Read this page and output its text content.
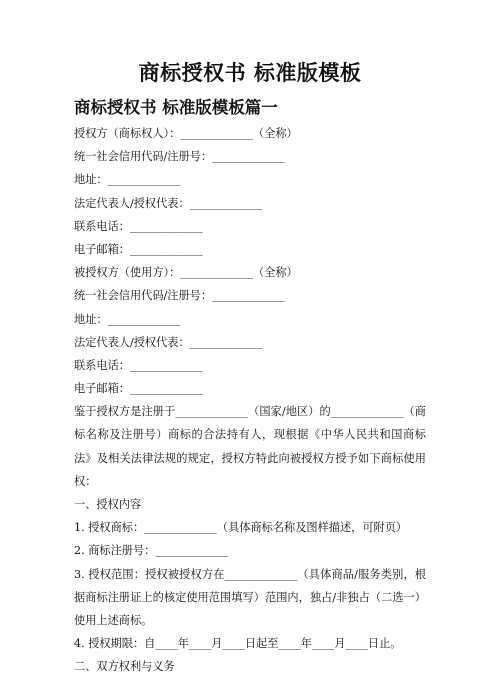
商标授权书 标准版模板
商标授权书 标准版模板篇一
授权方（商标权人）：_____________（全称）
统一社会信用代码/注册号：_____________
地址：_____________
法定代表人/授权代表：_____________
联系电话：_____________
电子邮箱：_____________
被授权方（使用方）：_____________（全称）
统一社会信用代码/注册号：_____________
地址：_____________
法定代表人/授权代表：_____________
联系电话：_____________
电子邮箱：_____________
鉴于授权方是注册于_____________（国家/地区）的_____________（商标名称及注册号）商标的合法持有人，现根据《中华人民共和国商标法》及相关法律法规的规定，授权方特此向被授权方授予如下商标使用权：
一、授权内容
1. 授权商标：_____________（具体商标名称及图样描述，可附页）
2. 商标注册号：_____________
3. 授权范围：授权被授权方在_____________（具体商品/服务类别，根据商标注册证上的核定使用范围填写）范围内，独占/非独占（二选一）使用上述商标。
4. 授权期限：自____年____月____日起至____年____月____日止。
二、双方权利与义务
